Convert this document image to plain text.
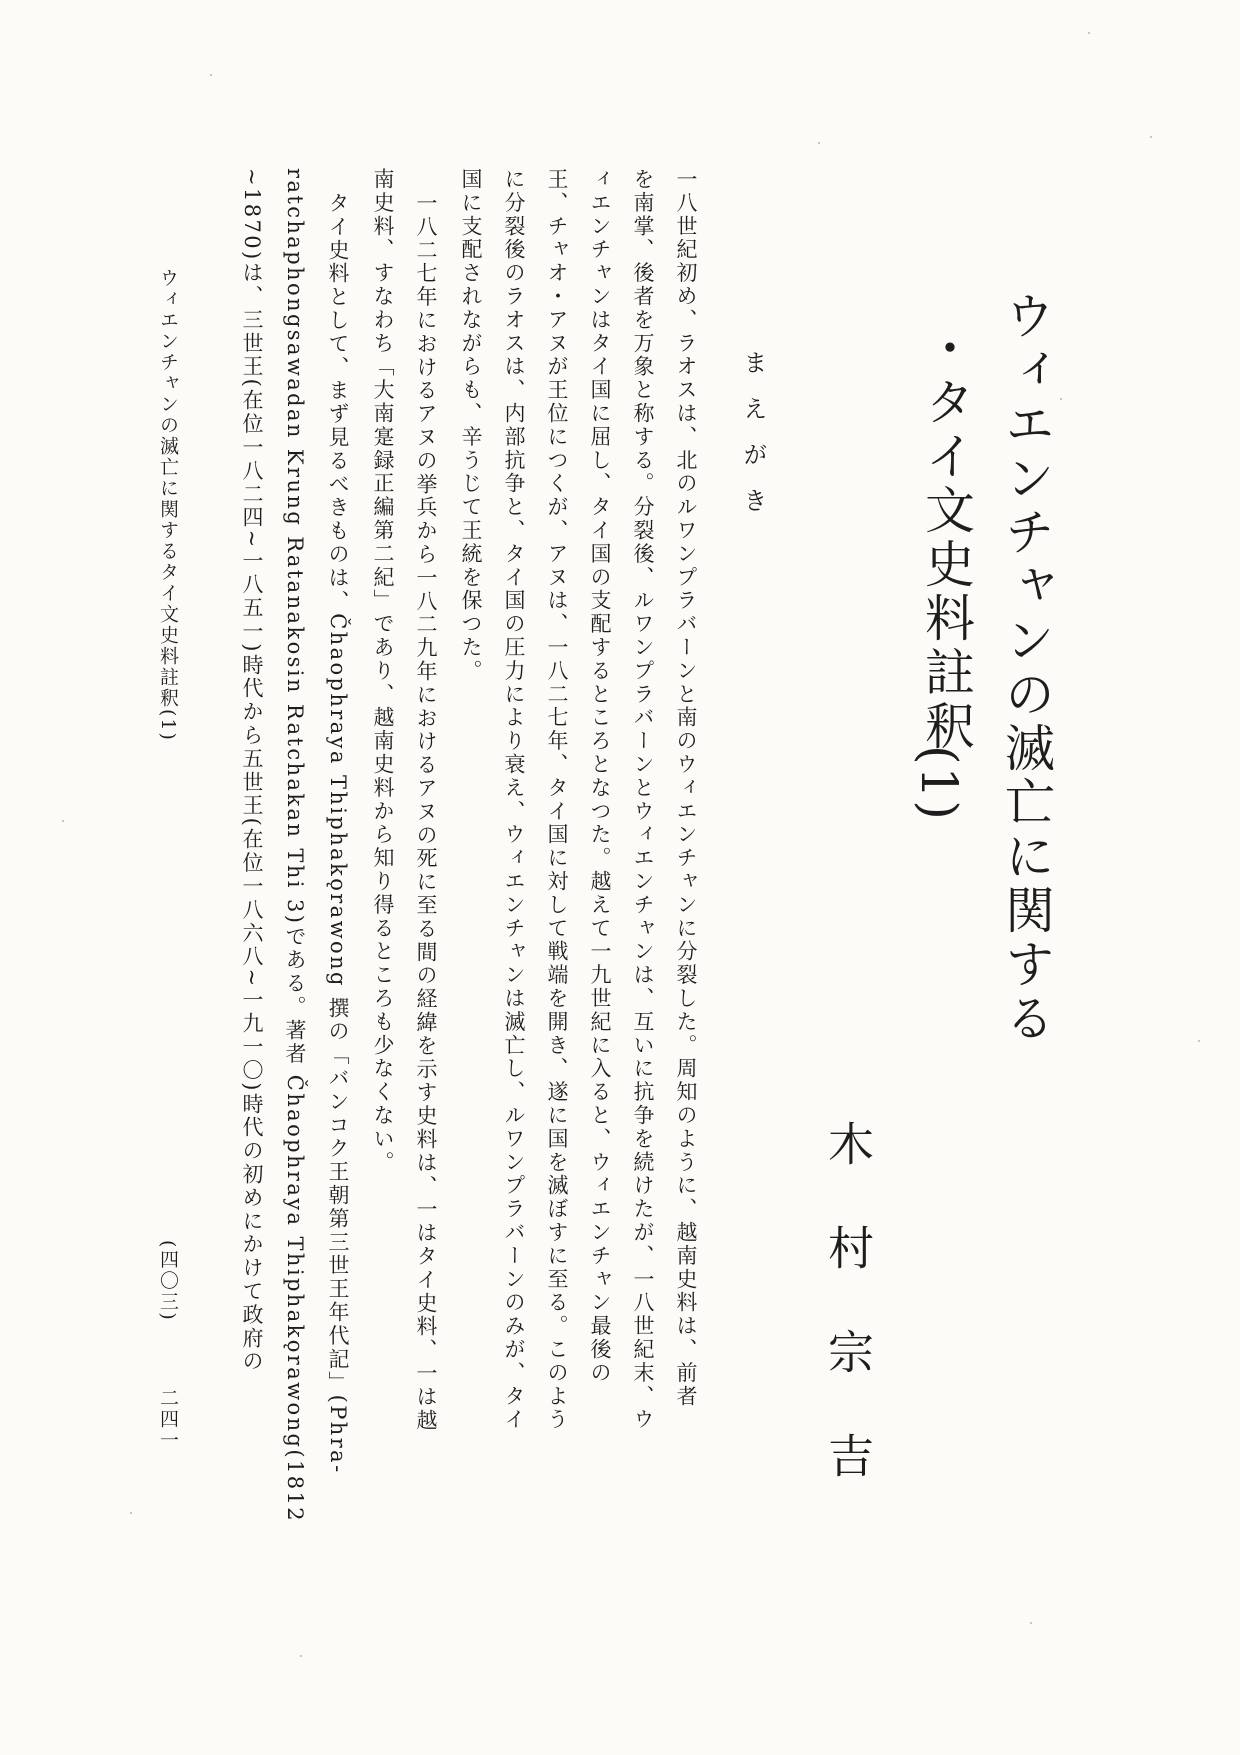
ウィエンチャンの滅亡に関する
・タイ文史料註釈
(1)
木村宗吉
まえがき
一八世紀初め、ラオスは、北のルワンプラバーンと南のウィエンチャンに分裂した。周知のように、越南史料は、前者
を南掌、後者を万象と称する。分裂後、ルワンプラバーンとウィエンチャンは、互いに抗争を続けたが、一八世紀末、ウ
ィエンチャンはタイ国に屈し、タイ国の支配するところとなつた。越えて一九世紀に入ると、ウィエンチャン最後の
王、チャオ・アヌが王位につくが、アヌは、一八二七年、タイ国に対して戦端を開き、遂に国を滅ぼすに至る。このよう
に分裂後のラオスは、内部抗争と、タイ国の圧力により衰え、ウィエンチャンは滅亡し、ルワンプラバーンのみが、タイ
国に支配されながらも、辛うじて王統を保つた。
一八二七年におけるアヌの挙兵から一八二九年におけるアヌの死に至る間の経緯を示す史料は、一はタイ史料、一は越
南史料、すなわち「大南寔録正編第二紀」であり、越南史料から知り得るところも少なくない。
タイ史料として、まず見るべきものは、Čhaophraya Thiphakǫrawong 撰の「バンコク王朝第三世王年代記」(Phra-
ratchaphongsawadan Krung Ratanakosin Ratchakan Thi 3)である。著者 Čhaophraya Thiphakǫrawong(1812
~1870)は、三世王(在位一八二四~一八五一)時代から五世王(在位一八六八~一九一〇)時代の初めにかけて政府の
ウィエンチャンの滅亡に関するタイ文史料註釈(1)
(四〇三)
二四一
